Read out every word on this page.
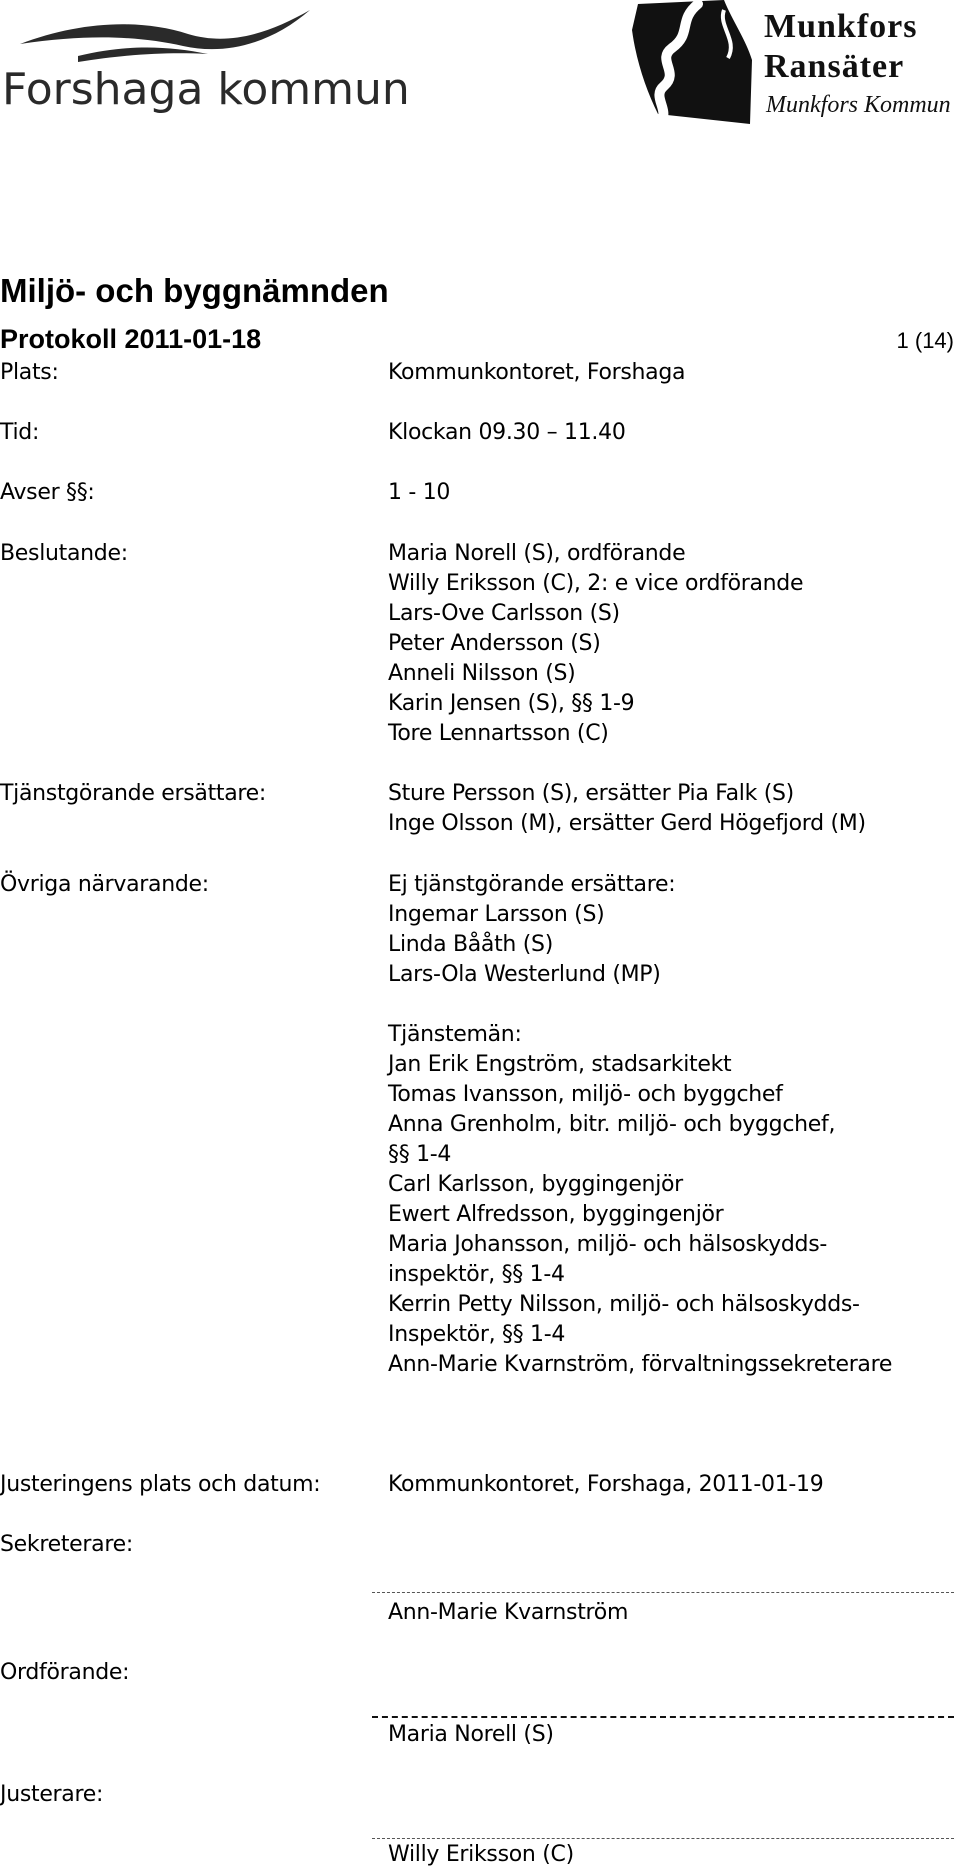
Forshaga kommun
Munkfors
Ransäter
Munkfors Kommun
Miljö- och byggnämnden
Protokoll 2011-01-18	1 (14)
Plats:	Kommunkontoret, Forshaga
Tid:	Klockan 09.30 – 11.40
Avser §§:	1 - 10
Beslutande:	Maria Norell (S), ordförande
Willy Eriksson (C), 2: e vice ordförande
Lars-Ove Carlsson (S)
Peter Andersson (S)
Anneli Nilsson (S)
Karin Jensen (S), §§ 1-9
Tore Lennartsson (C)
Tjänstgörande ersättare:	Sture Persson (S), ersätter Pia Falk (S)
Inge Olsson (M), ersätter Gerd Högefjord (M)
Övriga närvarande:	Ej tjänstgörande ersättare:
Ingemar Larsson (S)
Linda Bååth (S)
Lars-Ola Westerlund (MP)
Tjänstemän:
Jan Erik Engström, stadsarkitekt
Tomas Ivansson, miljö- och byggchef
Anna Grenholm, bitr. miljö- och byggchef,
§§ 1-4
Carl Karlsson, byggingenjör
Ewert Alfredsson, byggingenjör
Maria Johansson, miljö- och hälsoskydds-
inspektör, §§ 1-4
Kerrin Petty Nilsson, miljö- och hälsoskydds-
Inspektör, §§ 1-4
Ann-Marie Kvarnström, förvaltningssekreterare
Justeringens plats och datum:	Kommunkontoret, Forshaga, 2011-01-19
Sekreterare:
Ann-Marie Kvarnström
Ordförande:
Maria Norell (S)
Justerare:
Willy Eriksson (C)
